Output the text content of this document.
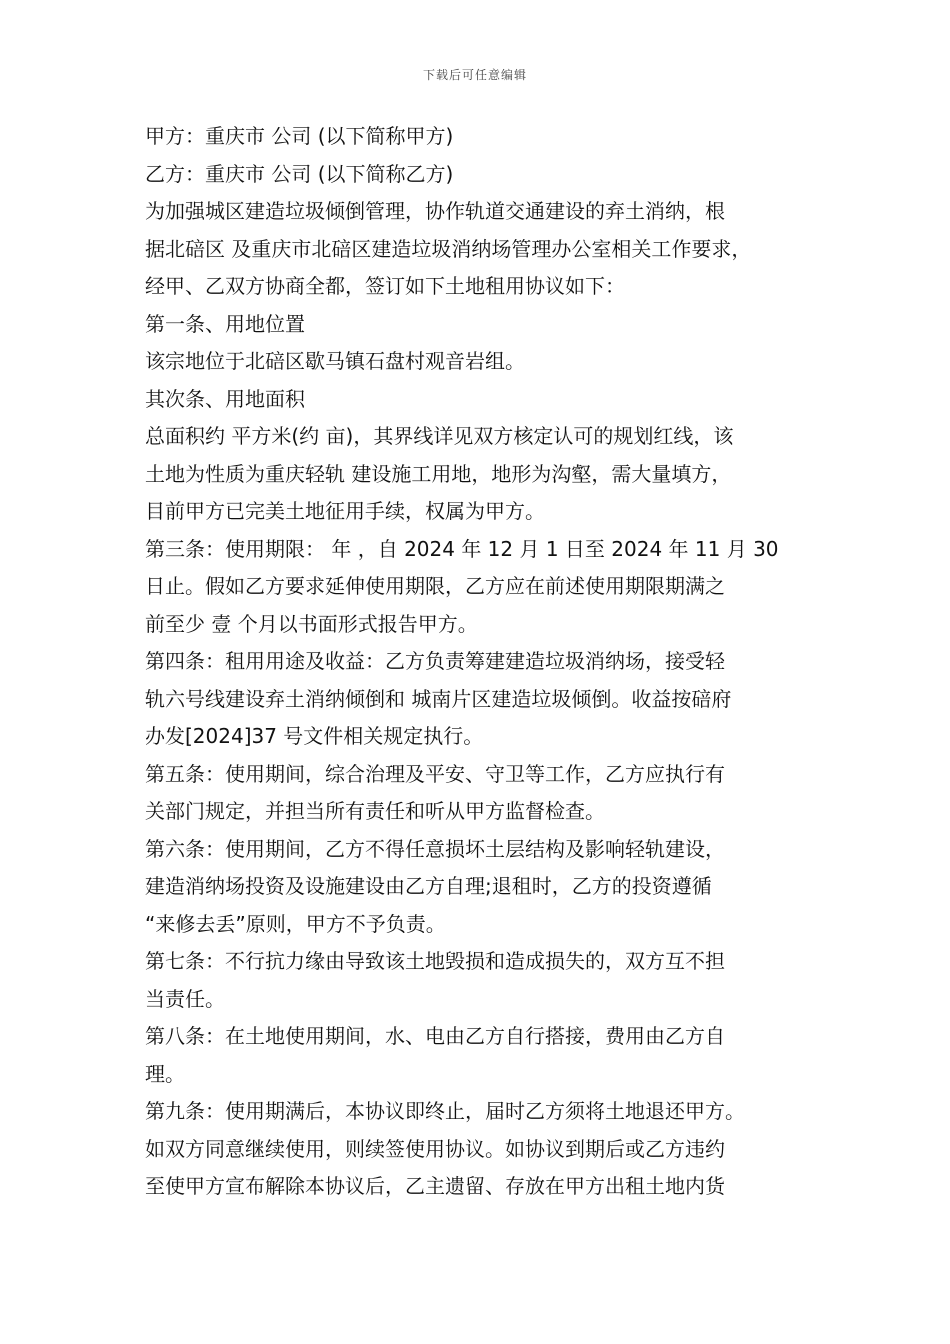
下载后可任意编辑
甲方：重庆市 公司 (以下简称甲方)
乙方：重庆市 公司 (以下简称乙方)
为加强城区建造垃圾倾倒管理，协作轨道交通建设的弃土消纳，根
据北碚区 及重庆市北碚区建造垃圾消纳场管理办公室相关工作要求，
经甲、乙双方协商全都，签订如下土地租用协议如下：
第一条、用地位置
该宗地位于北碚区歇马镇石盘村观音岩组。
其次条、用地面积
总面积约 平方米(约 亩)，其界线详见双方核定认可的规划红线，该
土地为性质为重庆轻轨 建设施工用地，地形为沟壑，需大量填方，
目前甲方已完美土地征用手续，权属为甲方。
第三条：使用期限： 年 ，自 2024 年 12 月 1 日至 2024 年 11 月 30
日止。假如乙方要求延伸使用期限，乙方应在前述使用期限期满之
前至少 壹 个月以书面形式报告甲方。
第四条：租用用途及收益：乙方负责筹建建造垃圾消纳场，接受轻
轨六号线建设弃土消纳倾倒和 城南片区建造垃圾倾倒。收益按碚府
办发[2024]37 号文件相关规定执行。
第五条：使用期间，综合治理及平安、守卫等工作，乙方应执行有
关部门规定，并担当所有责任和听从甲方监督检查。
第六条：使用期间，乙方不得任意损坏土层结构及影响轻轨建设，
建造消纳场投资及设施建设由乙方自理;退租时，乙方的投资遵循
“来修去丢”原则，甲方不予负责。
第七条：不行抗力缘由导致该土地毁损和造成损失的，双方互不担
当责任。
第八条：在土地使用期间，水、电由乙方自行搭接，费用由乙方自
理。
第九条：使用期满后，本协议即终止，届时乙方须将土地退还甲方。
如双方同意继续使用，则续签使用协议。如协议到期后或乙方违约
至使甲方宣布解除本协议后，乙主遗留、存放在甲方出租土地内货
